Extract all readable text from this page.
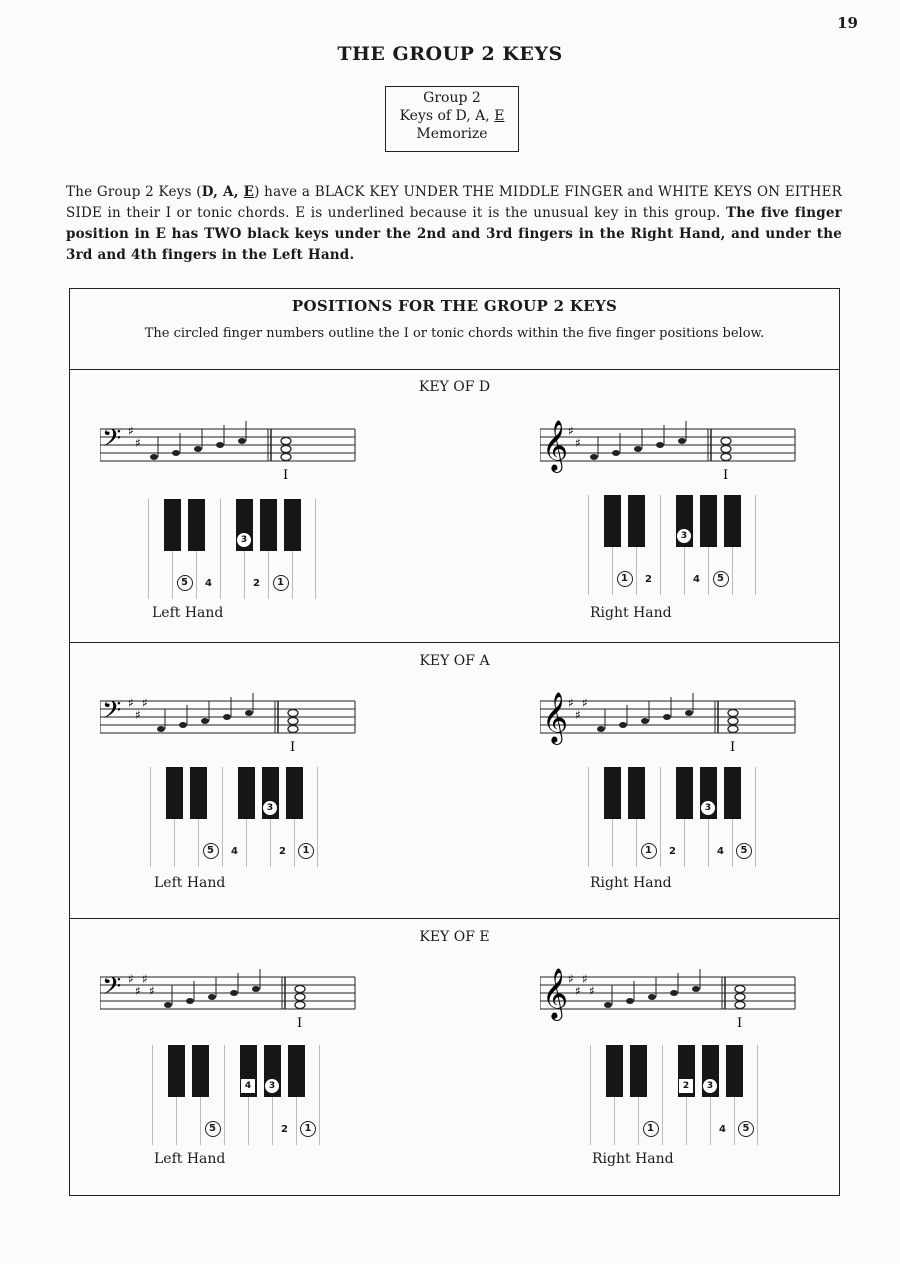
19
THE GROUP 2 KEYS
Group 2
Keys of D, A, E
Memorize
The Group 2 Keys (D, A, E) have a BLACK KEY UNDER THE MIDDLE FINGER and WHITE KEYS ON EITHER SIDE in their I or tonic chords. E is underlined because it is the unusual key in this group. The five finger position in E has TWO black keys under the 2nd and 3rd fingers in the Right Hand, and under the 3rd and 4th fingers in the Left Hand.
POSITIONS FOR THE GROUP 2 KEYS
The circled finger numbers outline the I or tonic chords within the five finger positions below.
KEY OF D
𝄢 ♯
♯
I
𝄞 ♯
♯
I
5	4	2	1
3
1	2	4	5
3
Left Hand	Right Hand
KEY OF A
𝄢 ♯
♯
♯
I
𝄞 ♯
♯
♯
I
5	4	2	1
3
1	2	4	5
3
Left Hand	Right Hand
KEY OF E
𝄢 ♯
♯
♯
♯
I
𝄞 ♯
♯
♯
♯
I
5	2	1
4	3
1	4	5
2	3
Left Hand	Right Hand
